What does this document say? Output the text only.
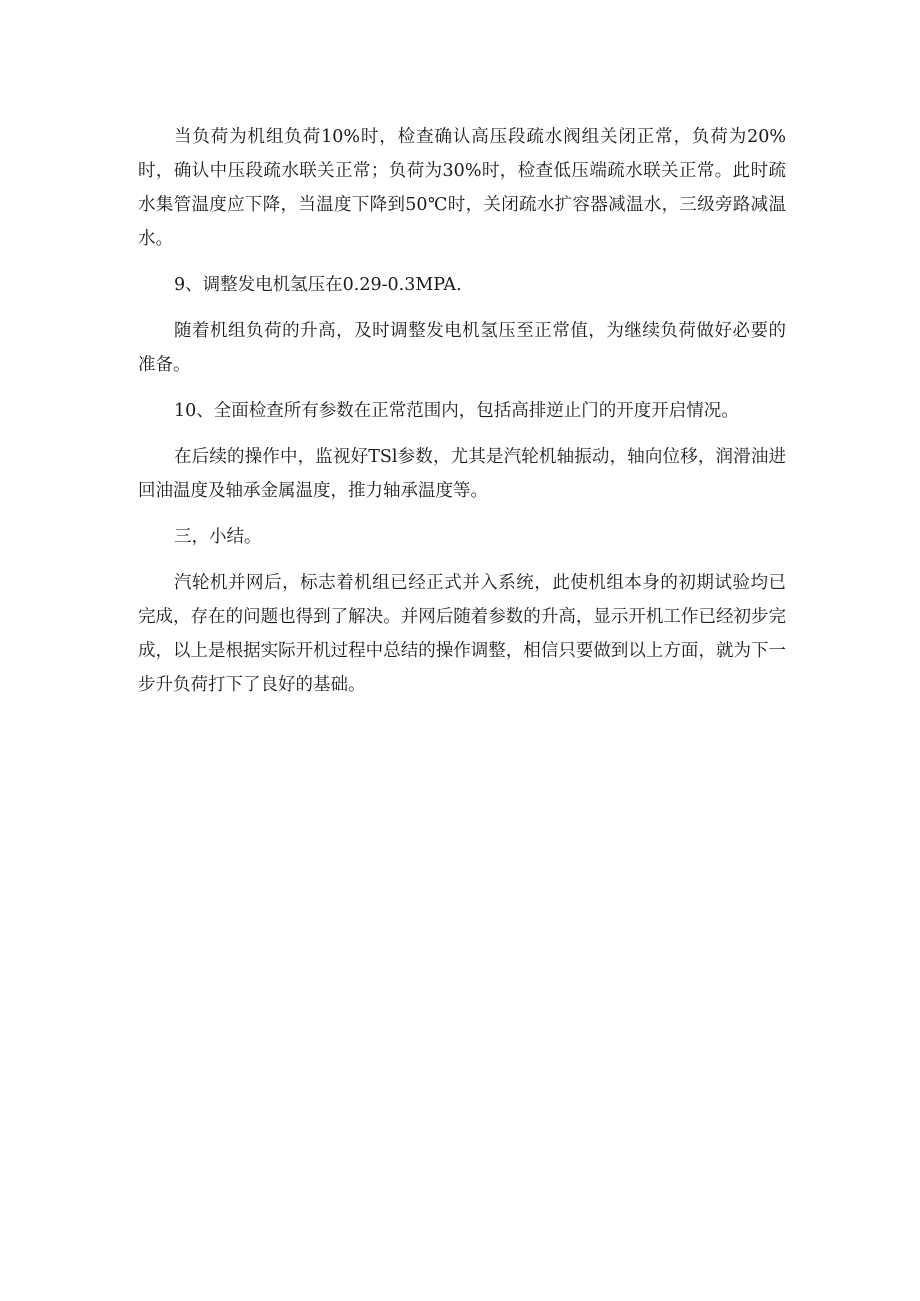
当负荷为机组负荷10%时，检查确认高压段疏水阀组关闭正常，负荷为20%时，确认中压段疏水联关正常；负荷为30%时，检查低压端疏水联关正常。此时疏水集管温度应下降，当温度下降到50℃时，关闭疏水扩容器减温水，三级旁路减温水。

9、调整发电机氢压在0.29-0.3MPA.

随着机组负荷的升高，及时调整发电机氢压至正常值，为继续负荷做好必要的准备。

10、全面检查所有参数在正常范围内，包括高排逆止门的开度开启情况。

在后续的操作中，监视好TSl参数，尤其是汽轮机轴振动，轴向位移，润滑油进回油温度及轴承金属温度，推力轴承温度等。

三，小结。

汽轮机并网后，标志着机组已经正式并入系统，此使机组本身的初期试验均已完成，存在的问题也得到了解决。并网后随着参数的升高，显示开机工作已经初步完成，以上是根据实际开机过程中总结的操作调整，相信只要做到以上方面，就为下一步升负荷打下了良好的基础。
